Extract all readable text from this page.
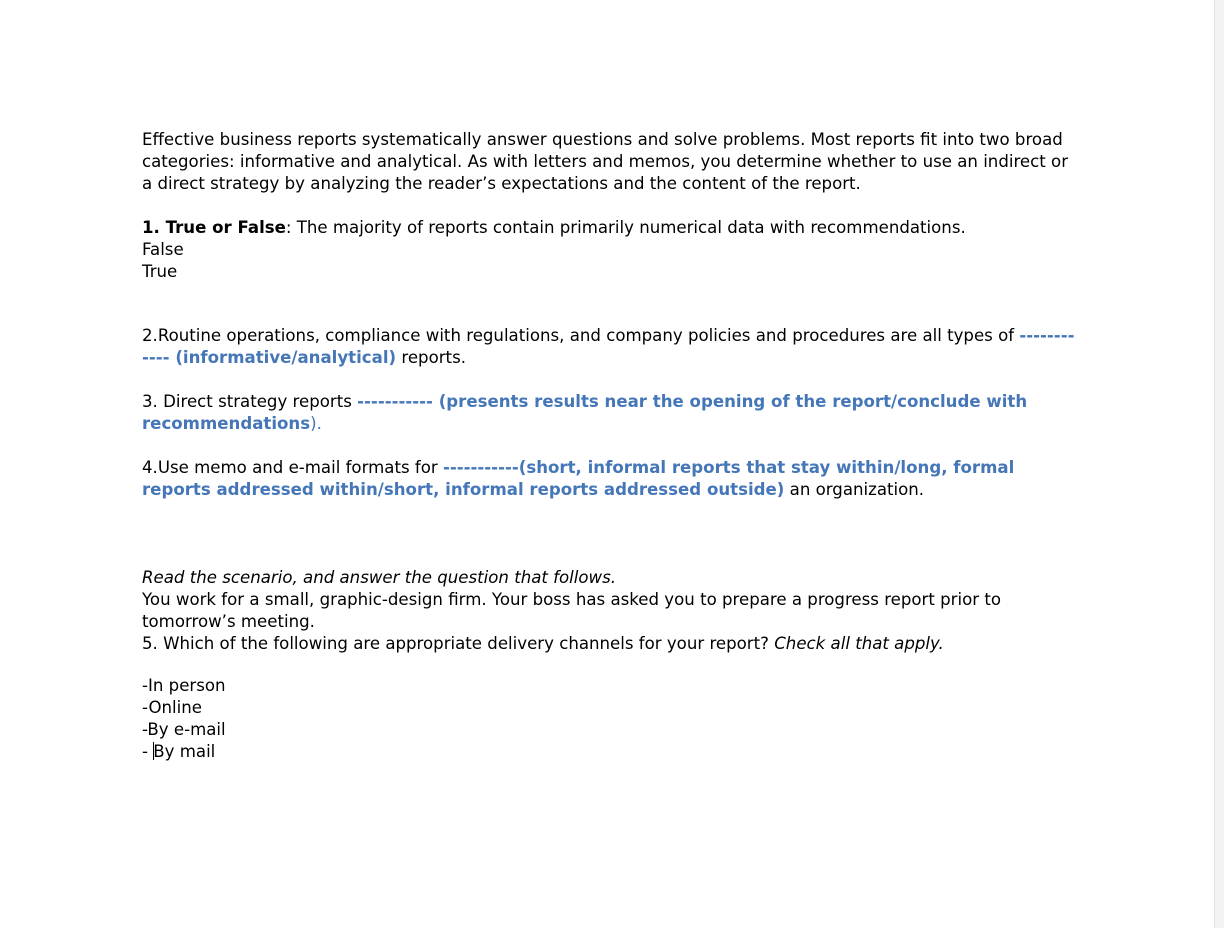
Effective business reports systematically answer questions and solve problems. Most reports fit into two broad categories: informative and analytical. As with letters and memos, you determine whether to use an indirect or a direct strategy by analyzing the reader’s expectations and the content of the report.

1. True or False: The majority of reports contain primarily numerical data with recommendations.

False

True

2.Routine operations, compliance with regulations, and company policies and procedures are all types of ------------ (informative/analytical) reports.

3. Direct strategy reports ----------- (presents results near the opening of the report/conclude with recommendations).

4.Use memo and e-mail formats for -----------(short, informal reports that stay within/long, formal reports addressed within/short, informal reports addressed outside) an organization.

Read the scenario, and answer the question that follows.

You work for a small, graphic-design firm. Your boss has asked you to prepare a progress report prior to tomorrow’s meeting.

5. Which of the following are appropriate delivery channels for your report? Check all that apply.

-In person

-Online

-By e-mail

- By mail
